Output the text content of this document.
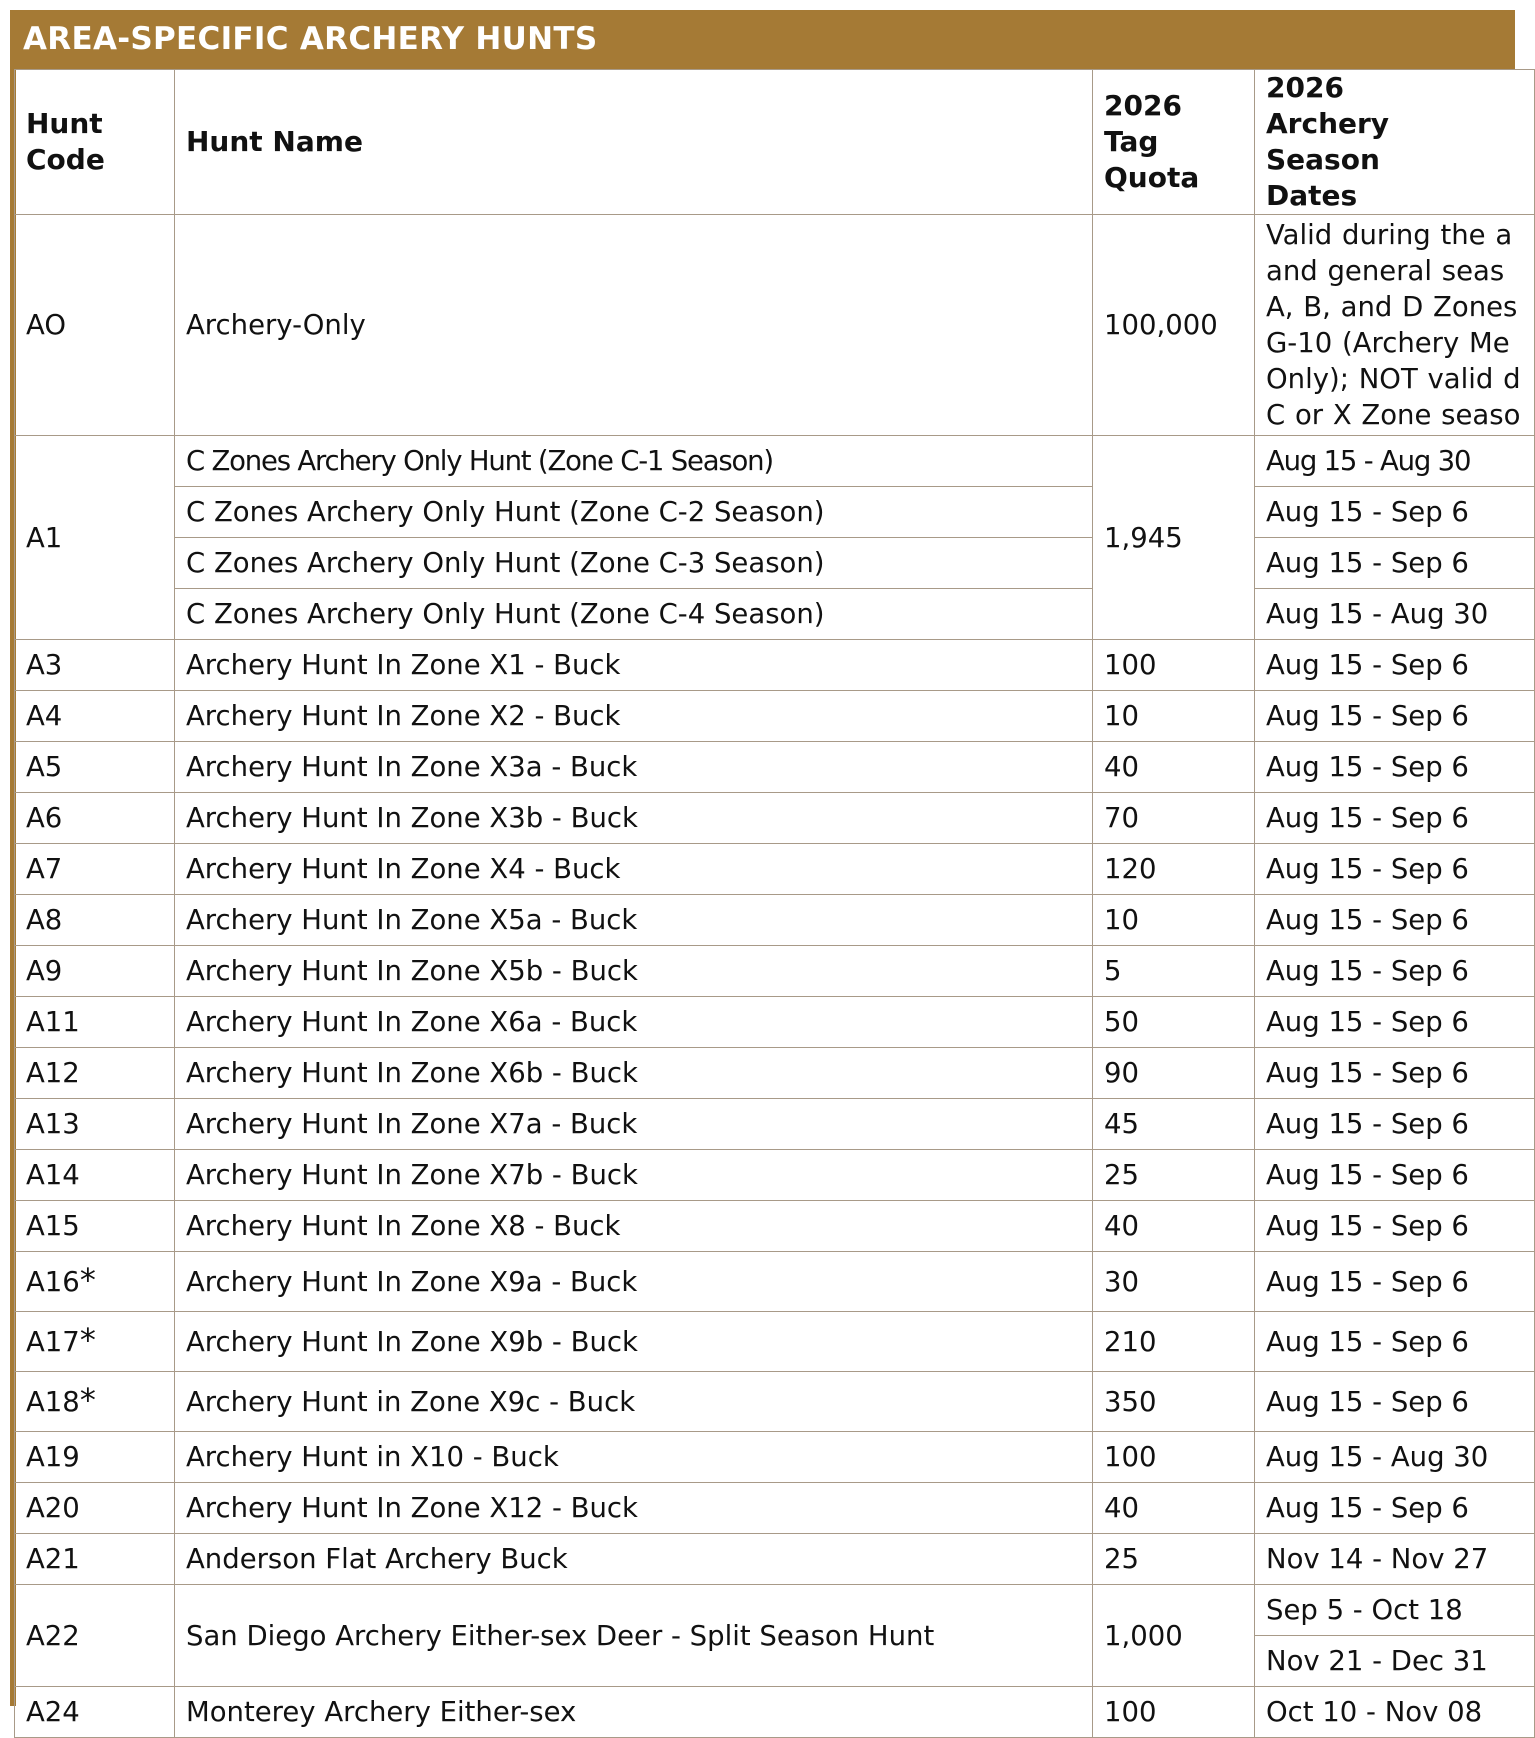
AREA-SPECIFIC ARCHERY HUNTS
Hunt Code	Hunt Name	2026 Tag Quota	2026 Archery Season Dates
AO	Archery-Only	100,000	Valid during the a and general seas A, B, and D Zones G-10 (Archery Me Only); NOT valid d C or X Zone seaso
A1	C Zones Archery Only Hunt (Zone C-1 Season)	1,945	Aug 15 - Aug 30
	C Zones Archery Only Hunt (Zone C-2 Season)		Aug 15 - Sep 6
	C Zones Archery Only Hunt (Zone C-3 Season)		Aug 15 - Sep 6
	C Zones Archery Only Hunt (Zone C-4 Season)		Aug 15 - Aug 30
A3	Archery Hunt In Zone X1 - Buck	100	Aug 15 - Sep 6
A4	Archery Hunt In Zone X2 - Buck	10	Aug 15 - Sep 6
A5	Archery Hunt In Zone X3a - Buck	40	Aug 15 - Sep 6
A6	Archery Hunt In Zone X3b - Buck	70	Aug 15 - Sep 6
A7	Archery Hunt In Zone X4 - Buck	120	Aug 15 - Sep 6
A8	Archery Hunt In Zone X5a - Buck	10	Aug 15 - Sep 6
A9	Archery Hunt In Zone X5b - Buck	5	Aug 15 - Sep 6
A11	Archery Hunt In Zone X6a - Buck	50	Aug 15 - Sep 6
A12	Archery Hunt In Zone X6b - Buck	90	Aug 15 - Sep 6
A13	Archery Hunt In Zone X7a - Buck	45	Aug 15 - Sep 6
A14	Archery Hunt In Zone X7b - Buck	25	Aug 15 - Sep 6
A15	Archery Hunt In Zone X8 - Buck	40	Aug 15 - Sep 6
A16*	Archery Hunt In Zone X9a - Buck	30	Aug 15 - Sep 6
A17*	Archery Hunt In Zone X9b - Buck	210	Aug 15 - Sep 6
A18*	Archery Hunt in Zone X9c - Buck	350	Aug 15 - Sep 6
A19	Archery Hunt in X10 - Buck	100	Aug 15 - Aug 30
A20	Archery Hunt In Zone X12 - Buck	40	Aug 15 - Sep 6
A21	Anderson Flat Archery Buck	25	Nov 14 - Nov 27
A22	San Diego Archery Either-sex Deer - Split Season Hunt	1,000	Sep 5 - Oct 18
			Nov 21 - Dec 31
A24	Monterey Archery Either-sex	100	Oct 10 - Nov 08
